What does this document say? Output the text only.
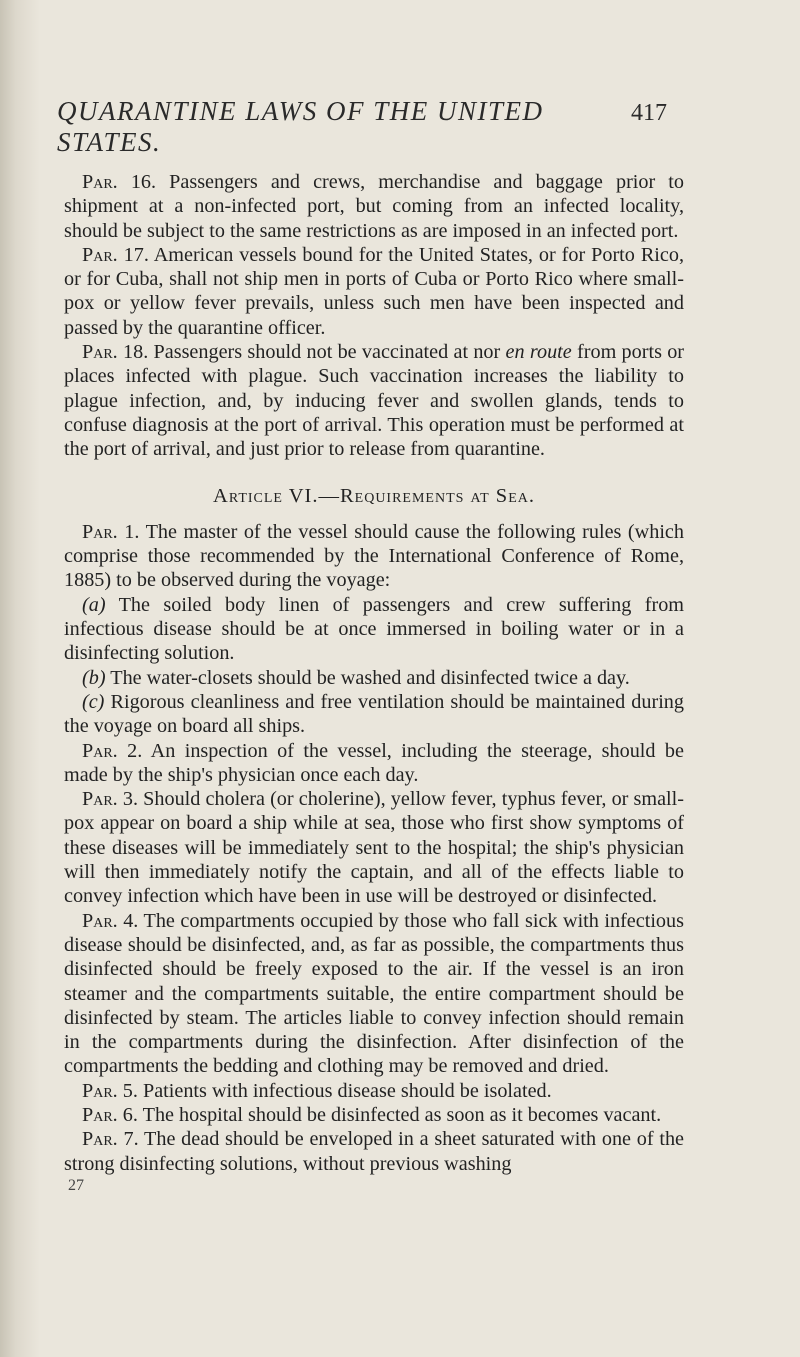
QUARANTINE LAWS OF THE UNITED STATES.
417

Par. 16. Passengers and crews, merchandise and baggage prior to shipment at a non-infected port, but coming from an infected locality, should be subject to the same restrictions as are imposed in an infected port.

Par. 17. American vessels bound for the United States, or for Porto Rico, or for Cuba, shall not ship men in ports of Cuba or Porto Rico where small-pox or yellow fever prevails, unless such men have been inspected and passed by the quarantine officer.

Par. 18. Passengers should not be vaccinated at nor en route from ports or places infected with plague. Such vaccination increases the liability to plague infection, and, by inducing fever and swollen glands, tends to confuse diagnosis at the port of arrival. This operation must be performed at the port of arrival, and just prior to release from quarantine.

Article VI.—Requirements at Sea.

Par. 1. The master of the vessel should cause the following rules (which comprise those recommended by the International Conference of Rome, 1885) to be observed during the voyage:

(a) The soiled body linen of passengers and crew suffering from infectious disease should be at once immersed in boiling water or in a disinfecting solution.

(b) The water-closets should be washed and disinfected twice a day.

(c) Rigorous cleanliness and free ventilation should be maintained during the voyage on board all ships.

Par. 2. An inspection of the vessel, including the steerage, should be made by the ship's physician once each day.

Par. 3. Should cholera (or cholerine), yellow fever, typhus fever, or small-pox appear on board a ship while at sea, those who first show symptoms of these diseases will be immediately sent to the hospital; the ship's physician will then immediately notify the captain, and all of the effects liable to convey infection which have been in use will be destroyed or disinfected.

Par. 4. The compartments occupied by those who fall sick with infectious disease should be disinfected, and, as far as possible, the compartments thus disinfected should be freely exposed to the air. If the vessel is an iron steamer and the compartments suitable, the entire compartment should be disinfected by steam. The articles liable to convey infection should remain in the compartments during the disinfection. After disinfection of the compartments the bedding and clothing may be removed and dried.

Par. 5. Patients with infectious disease should be isolated.

Par. 6. The hospital should be disinfected as soon as it becomes vacant.

Par. 7. The dead should be enveloped in a sheet saturated with one of the strong disinfecting solutions, without previous washing

27
